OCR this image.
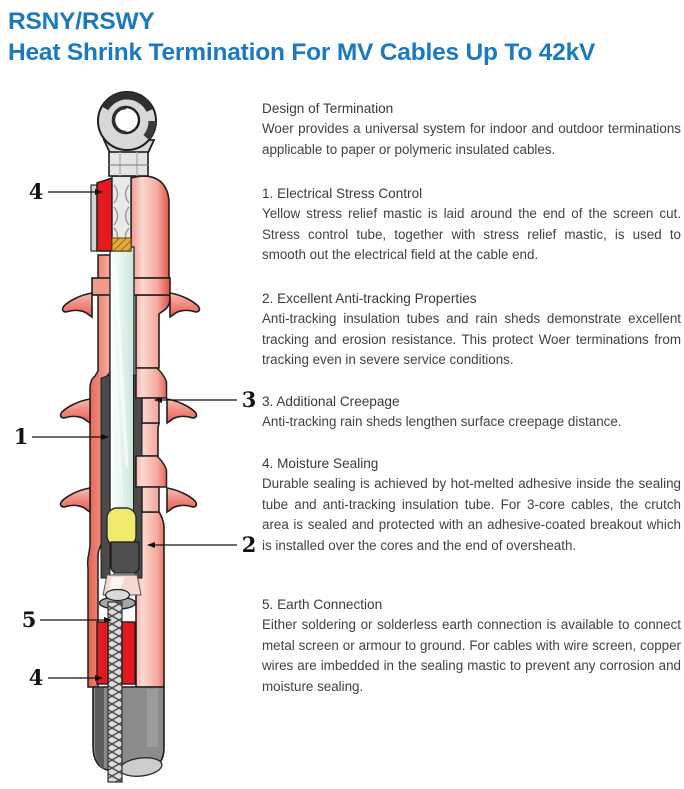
RSNY/RSWY
Heat Shrink Termination For MV Cables Up To 42kV
4
1
3
2
5
4
Design of Termination

Woer provides a universal system for indoor and outdoor terminations applicable to paper or polymeric insulated cables.

1. Electrical Stress Control

Yellow stress relief mastic is laid around the end of the screen cut. Stress control tube, together with stress relief mastic, is used to smooth out the electrical field at the cable end.

2. Excellent Anti-tracking Properties

Anti-tracking insulation tubes and rain sheds demonstrate excellent tracking and erosion resistance. This protect Woer terminations from tracking even in severe service conditions.

3. Additional Creepage

Anti-tracking rain sheds lengthen surface creepage distance.

4. Moisture Sealing

Durable sealing is achieved by hot-melted adhesive inside the sealing tube and anti-tracking insulation tube. For 3-core cables, the crutch area is sealed and protected with an adhesive-coated breakout which is installed over the cores and the end of oversheath.

5. Earth Connection

Either soldering or solderless earth connection is available to connect metal screen or armour to ground. For cables with wire screen, copper wires are imbedded in the sealing mastic to prevent any corrosion and moisture sealing.
